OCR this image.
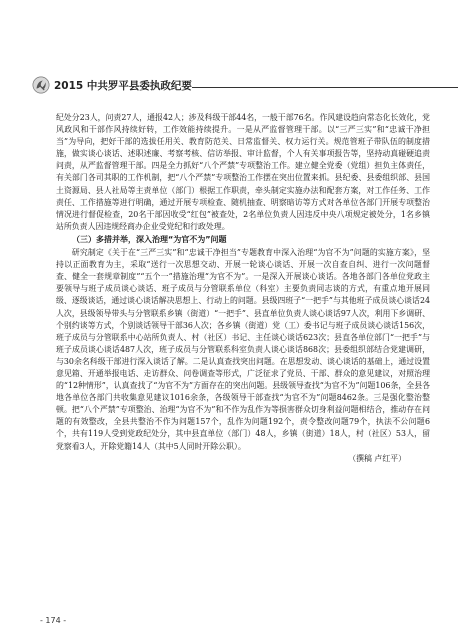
2015 中共罗平县委执政纪要

纪处分23人，问责27人，通报42人；涉及科级干部44名，一般干部76名。作风建设趋向常态化长效化，党风政风和干部作风持续好转，工作效能持续提升。一是从严监督管理干部。以“三严三实”和“忠诚干净担当”为导向，把好干部的选拔任用关、教育防范关、日常监督关、权力运行关。规范管班子带队伍的制度措施，做实谈心谈话、述职述廉、考察考核、信访举报、审计监督，个人有关事项报告等，坚持动真碰硬追责问责，从严监督管理干部。四是全力抓好“八个严禁”专项整治工作。建立健全党委（党组）担负主体责任，有关部门各司其职的工作机制，把“八个严禁”专项整治工作摆在突出位置来抓。县纪委、县委组织部、县国土资源局、县人社局等主责单位（部门）根据工作职责，牵头制定实施办法和配套方案，对工作任务、工作责任、工作措施等进行明确，通过开展专项检查、随机抽查、明察暗访等方式对各单位各部门开展专项整治情况进行督促检查，20名干部因收受“红包”被查处，2名单位负责人因违反中央八项规定被处分，1名乡镇站所负责人因违规经商办企业受党纪和行政处理。

（三）多措并举，深入治理“为官不为”问题

研究制定《关于在“三严三实”和“忠诚干净担当”专题教育中深入治理“为官不为”问题的实施方案》，坚持以正面教育为主，采取“送行一次思想交动、开展一轮谈心谈话、开展一次自查自纠、进行一次问题督查、健全一套规章制度”“五个一”措施治理“为官不为”。一是深入开展谈心谈话。各地各部门各单位党政主要领导与班子成员谈心谈话、班子成员与分管联系单位（科室）主要负责同志谈的方式，有重点地开展同级、逐级谈话，通过谈心谈话解决思想上、行动上的问题。县级四班子“一把手”与其他班子成员谈心谈话24人次，县级领导带头与分管联系乡镇（街道）“一把手”、县直单位负责人谈心谈话97人次，利用下乡调研、个别约谈等方式，个别谈话领导干部36人次；各乡镇（街道）党（工）委书记与班子成员谈心谈话156次，班子成员与分管联系中心站所负责人、村（社区）书记、主任谈心谈话623次；县直各单位部门“一把手”与班子成员谈心谈话487人次，班子成员与分管联系科室负责人谈心谈话868次；县委组织部结合党建调研，与30余名科级干部进行深入谈话了解。二是认真查找突出问题。在思想发动、谈心谈话的基础上，通过设置意见箱、开通举报电话、走访群众、问卷调查等形式，广泛征求了党员、干部、群众的意见建议，对照治理的“12种情形”，认真查找了“为官不为”方面存在的突出问题。县级领导查找“为官不为”问题106条，全县各地各单位各部门共收集意见建议1016余条，各级领导干部查找“为官不为”问题8462条。三是强化整治整顿。把“八个严禁”专项整治、治理“为官不为”和不作为乱作为等损害群众切身利益问题相结合，推动存在问题的有效整改，全县共整治不作为问题157个，乱作为问题192个，责令整改问题79个，执法不公问题6个，共有119人受到党政纪处分，其中县直单位（部门）48人，乡镇（街道）18人，村（社区）53人，留党察看3人，开除党籍14人（其中5人同时开除公职）。

（撰稿 卢红平）

- 174 -
